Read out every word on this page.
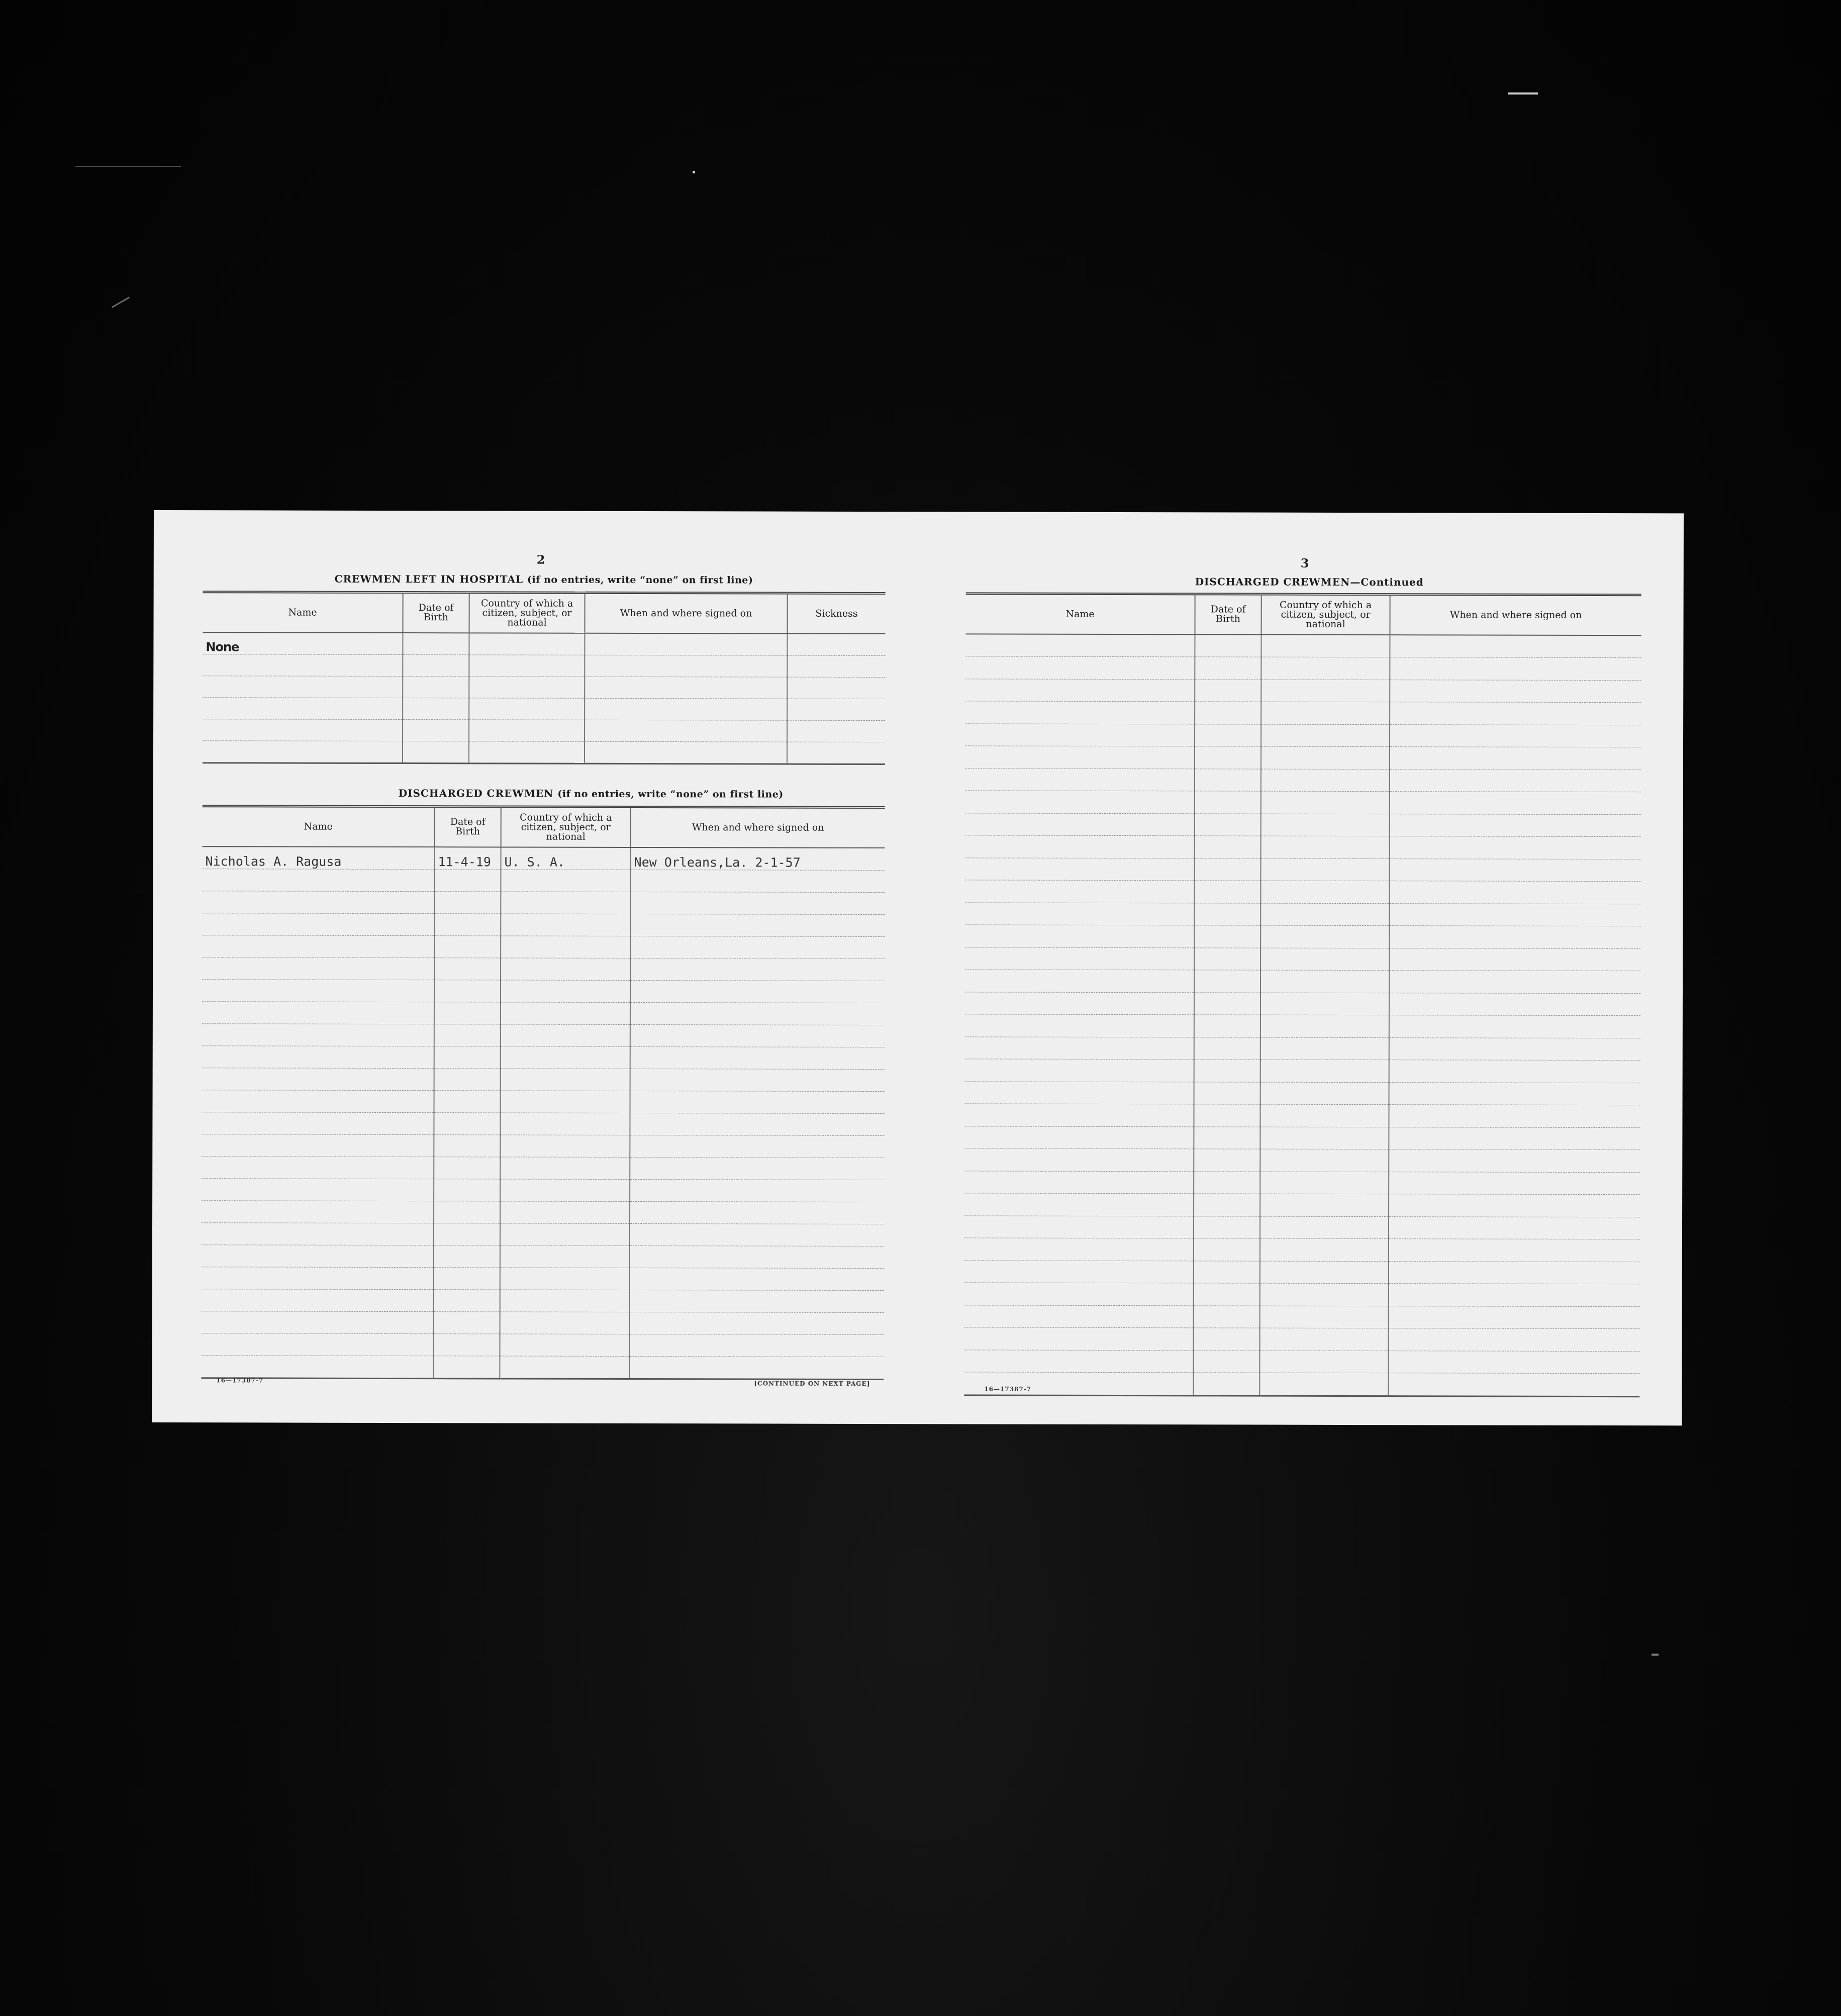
2
CREWMEN LEFT IN HOSPITAL (if no entries, write “none” on first line)
Name	Date of Birth	Country of which a citizen, subject, or national	When and where signed on	Sickness
None				

DISCHARGED CREWMEN (if no entries, write “none” on first line)
Name	Date of Birth	Country of which a citizen, subject, or national	When and where signed on
Nicholas A. Ragusa	11-4-19	U. S. A.	New Orleans,La. 2-1-57

16—17387-7	[CONTINUED ON NEXT PAGE]
3
DISCHARGED CREWMEN—Continued
Name	Date of Birth	Country of which a citizen, subject, or national	When and where signed on

16—17387-7
